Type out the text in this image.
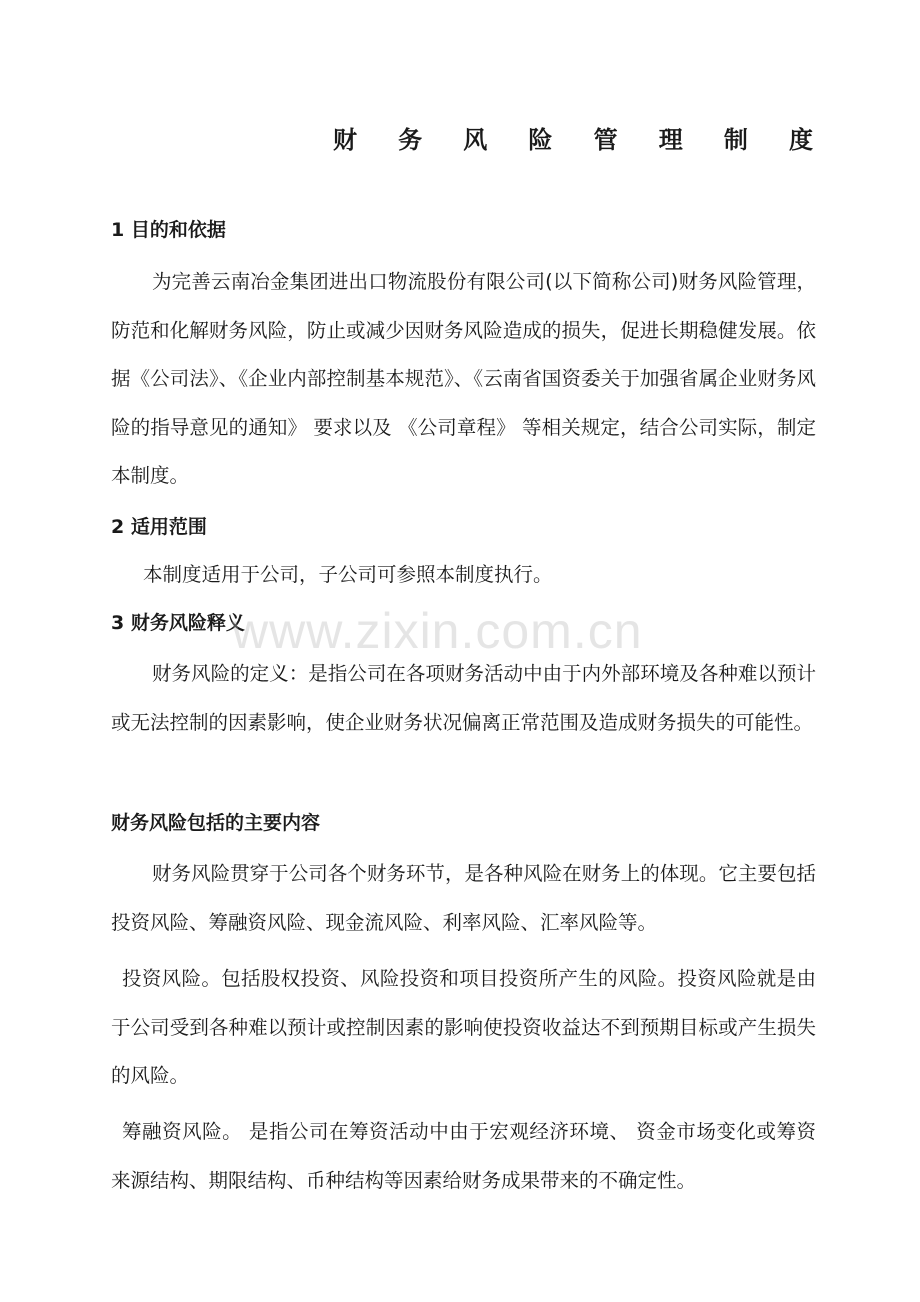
财 务 风 险 管 理 制 度
1 目的和依据
为完善云南冶金集团进出口物流股份有限公司(以下简称公司)财务风险管理，防范和化解财务风险，防止或减少因财务风险造成的损失，促进长期稳健发展。依据《公司法》、《企业内部控制基本规范》、《云南省国资委关于加强省属企业财务风险的指导意见的通知》 要求以及 《公司章程》 等相关规定，结合公司实际，制定本制度。
2 适用范围
本制度适用于公司，子公司可参照本制度执行。
3 财务风险释义
财务风险的定义：是指公司在各项财务活动中由于内外部环境及各种难以预计或无法控制的因素影响，使企业财务状况偏离正常范围及造成财务损失的可能性。
财务风险包括的主要内容
财务风险贯穿于公司各个财务环节，是各种风险在财务上的体现。它主要包括投资风险、筹融资风险、现金流风险、利率风险、汇率风险等。
投资风险。包括股权投资、风险投资和项目投资所产生的风险。投资风险就是由于公司受到各种难以预计或控制因素的影响使投资收益达不到预期目标或产生损失的风险。
筹融资风险。 是指公司在筹资活动中由于宏观经济环境、 资金市场变化或筹资来源结构、期限结构、币种结构等因素给财务成果带来的不确定性。
www.zixin.com.cn
